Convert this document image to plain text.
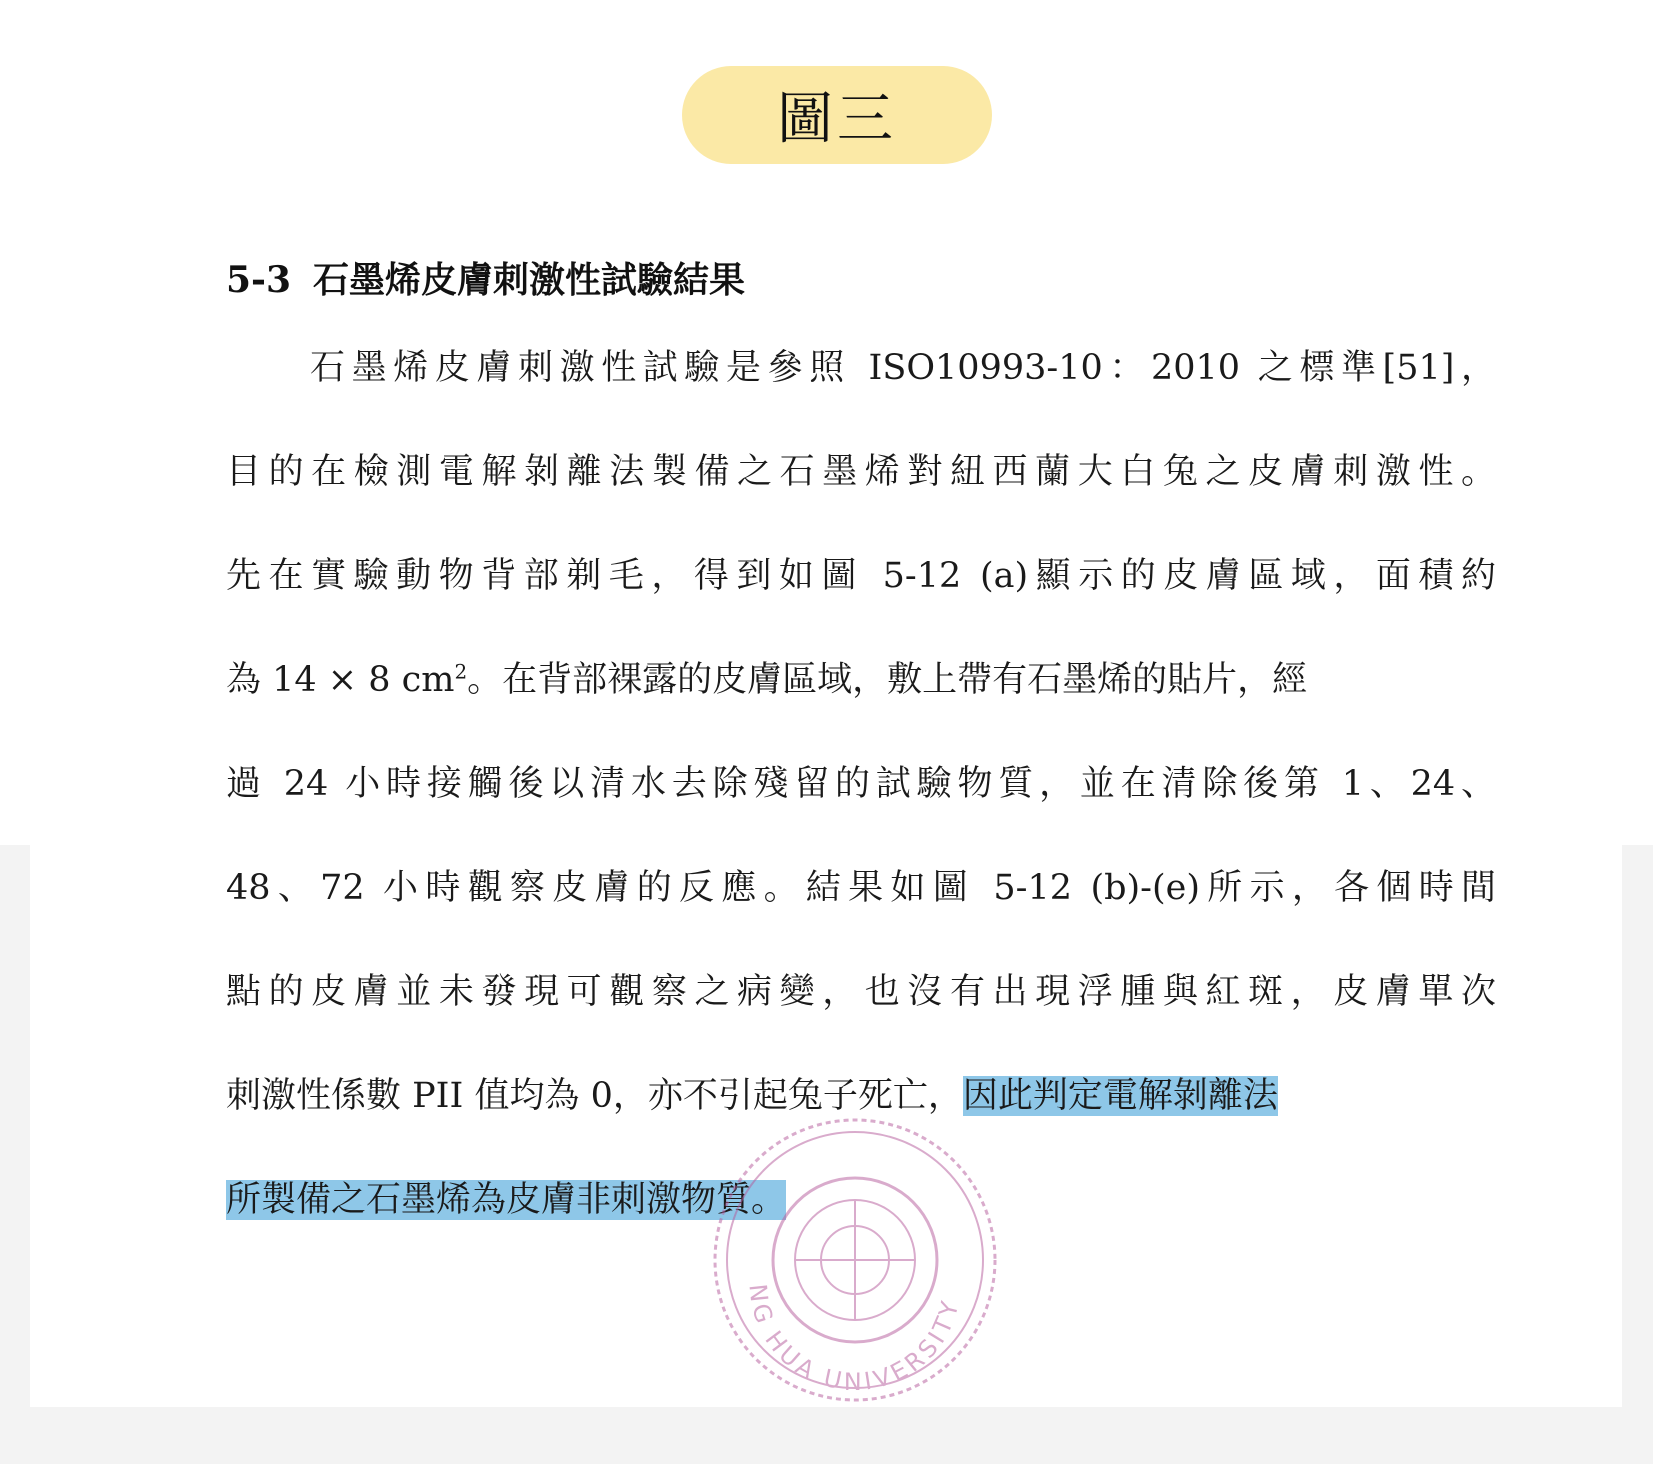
圖三
5-3 石墨烯皮膚刺激性試驗結果
石墨烯皮膚刺激性試驗是參照 ISO10993-10：2010 之標準[51]，
目的在檢測電解剝離法製備之石墨烯對紐西蘭大白兔之皮膚刺激性。
先在實驗動物背部剃毛，得到如圖 5-12 (a)顯示的皮膚區域，面積約
為 14 × 8 $cm^2$。在背部裸露的皮膚區域，敷上帶有石墨烯的貼片，經
過 24 小時接觸後以清水去除殘留的試驗物質，並在清除後第 1、24、
48、72 小時觀察皮膚的反應。結果如圖 5-12 (b)-(e)所示，各個時間
點的皮膚並未發現可觀察之病變，也沒有出現浮腫與紅斑，皮膚單次
刺激性係數 PII 值均為 0，亦不引起兔子死亡，因此判定電解剝離法
所製備之石墨烯為皮膚非刺激物質。
NG HUA UNIVERSITY
